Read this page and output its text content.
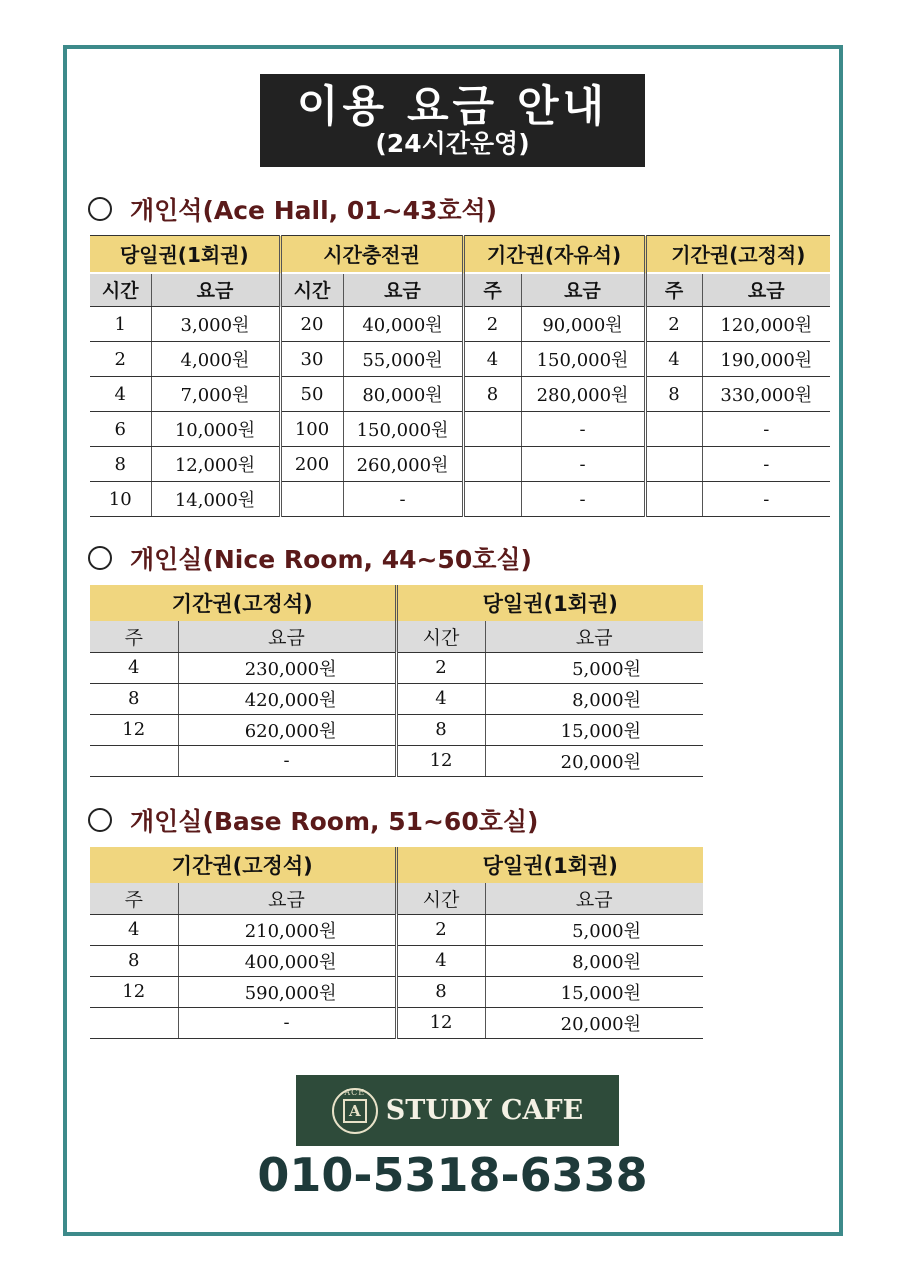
이용 요금 안내
(24시간운영)
개인석(Ace Hall, 01~43호석)
당일권(1회권)		시간충전권		기간권(자유석)		기간권(고정적)	
시간	요금	시간	요금	주	요금	주	요금
1	3,000원	20	40,000원	2	90,000원	2	120,000원
2	4,000원	30	55,000원	4	150,000원	4	190,000원
4	7,000원	50	80,000원	8	280,000원	8	330,000원
6	10,000원	100	150,000원		-		-
8	12,000원	200	260,000원		-		-
10	14,000원		-		-		-
개인실(Nice Room, 44~50호실)
기간권(고정석)		당일권(1회권)	
주	요금	시간	요금
4	230,000원	2	5,000원
8	420,000원	4	8,000원
12	620,000원	8	15,000원
	-	12	20,000원
개인실(Base Room, 51~60호실)
기간권(고정석)		당일권(1회권)	
주	요금	시간	요금
4	210,000원	2	5,000원
8	400,000원	4	8,000원
12	590,000원	8	15,000원
	-	12	20,000원
ACE
A STUDY CAFE
010-5318-6338
